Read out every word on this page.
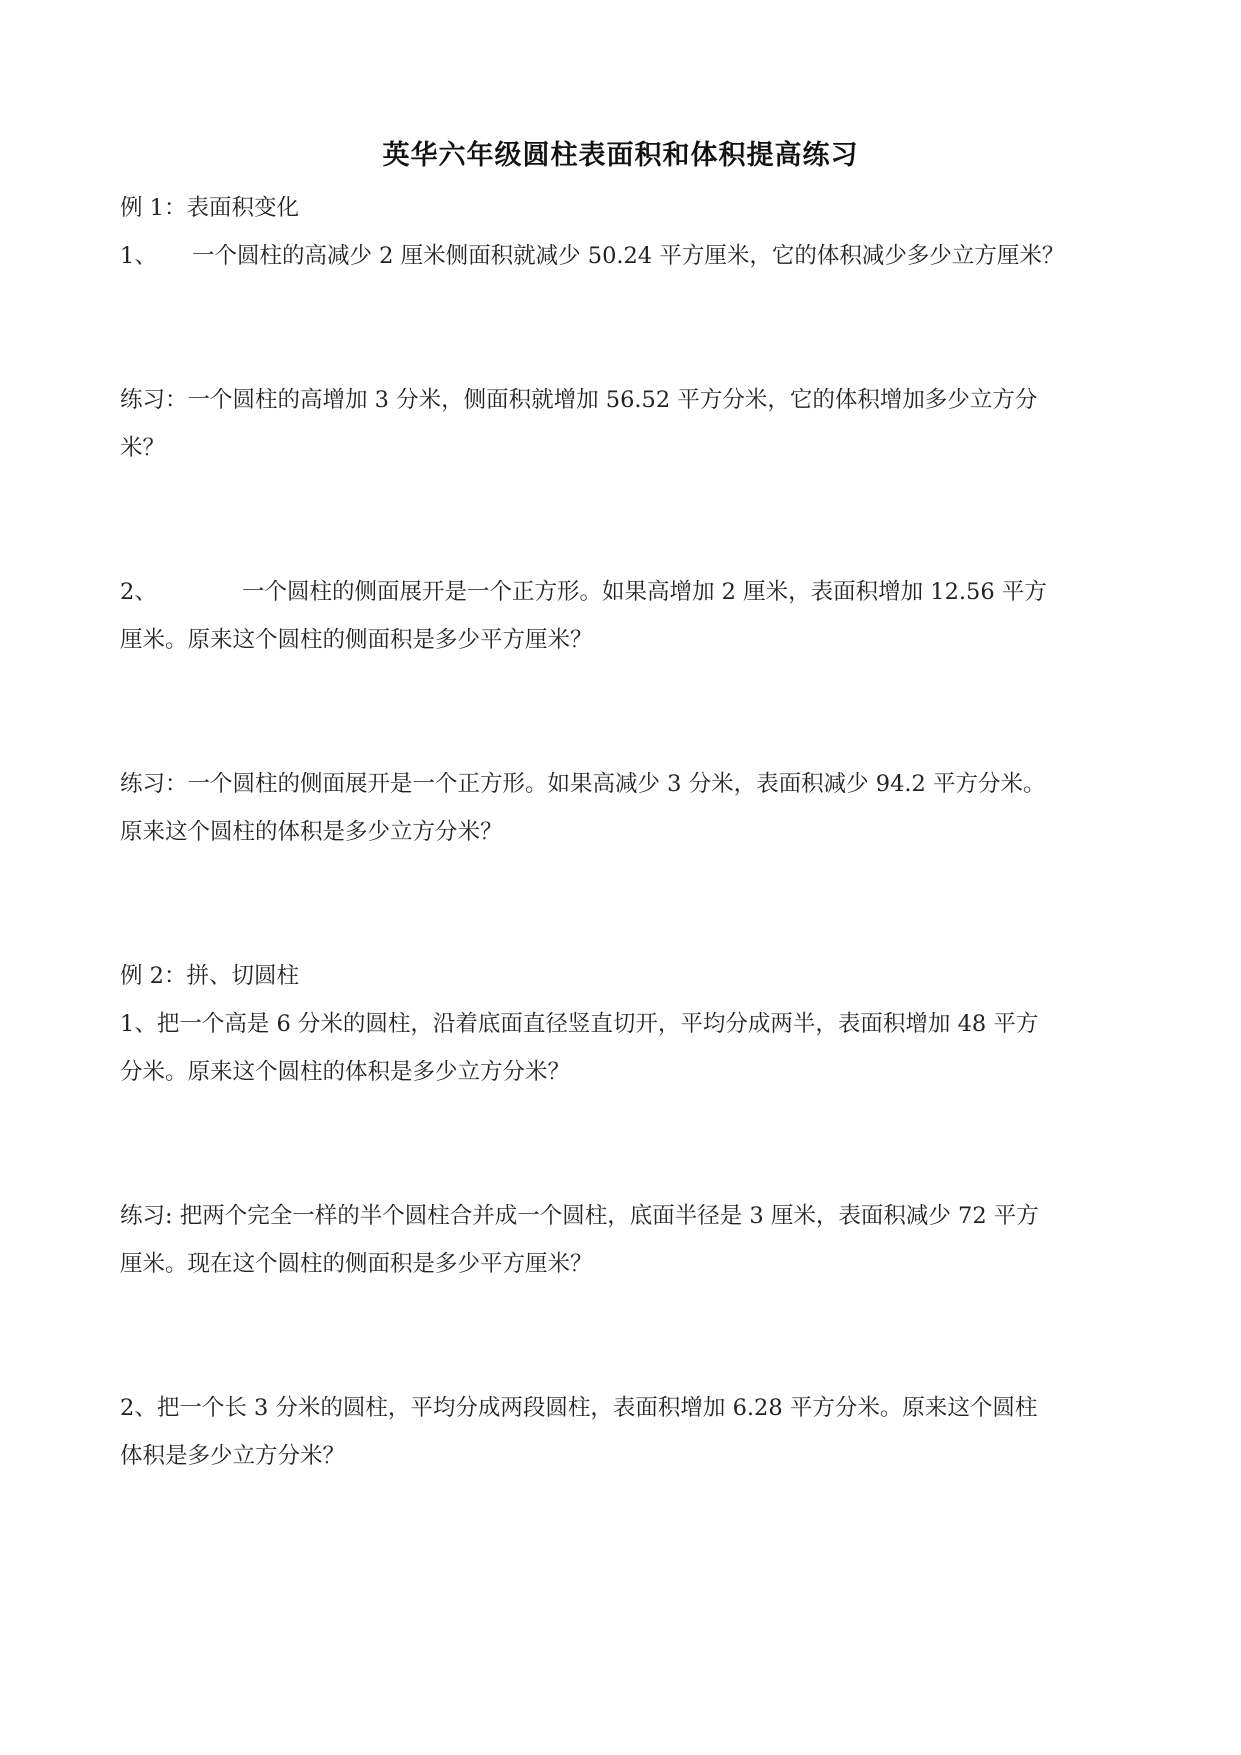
英华六年级圆柱表面积和体积提高练习
例 1：表面积变化
1、 一个圆柱的高减少 2 厘米侧面积就减少 50.24 平方厘米，它的体积减少多少立方厘米？
练习：一个圆柱的高增加 3 分米，侧面积就增加 56.52 平方分米，它的体积增加多少立方分
米？
2、	一个圆柱的侧面展开是一个正方形。如果高增加 2 厘米，表面积增加 12.56 平方
厘米。原来这个圆柱的侧面积是多少平方厘米？
练习：一个圆柱的侧面展开是一个正方形。如果高减少 3 分米，表面积减少 94.2 平方分米。
原来这个圆柱的体积是多少立方分米？
例 2：拼、切圆柱
1、把一个高是 6 分米的圆柱，沿着底面直径竖直切开，平均分成两半，表面积增加 48 平方
分米。原来这个圆柱的体积是多少立方分米？
练习: 把两个完全一样的半个圆柱合并成一个圆柱，底面半径是 3 厘米，表面积减少 72 平方
厘米。现在这个圆柱的侧面积是多少平方厘米？
2、把一个长 3 分米的圆柱，平均分成两段圆柱，表面积增加 6.28 平方分米。原来这个圆柱
体积是多少立方分米？
